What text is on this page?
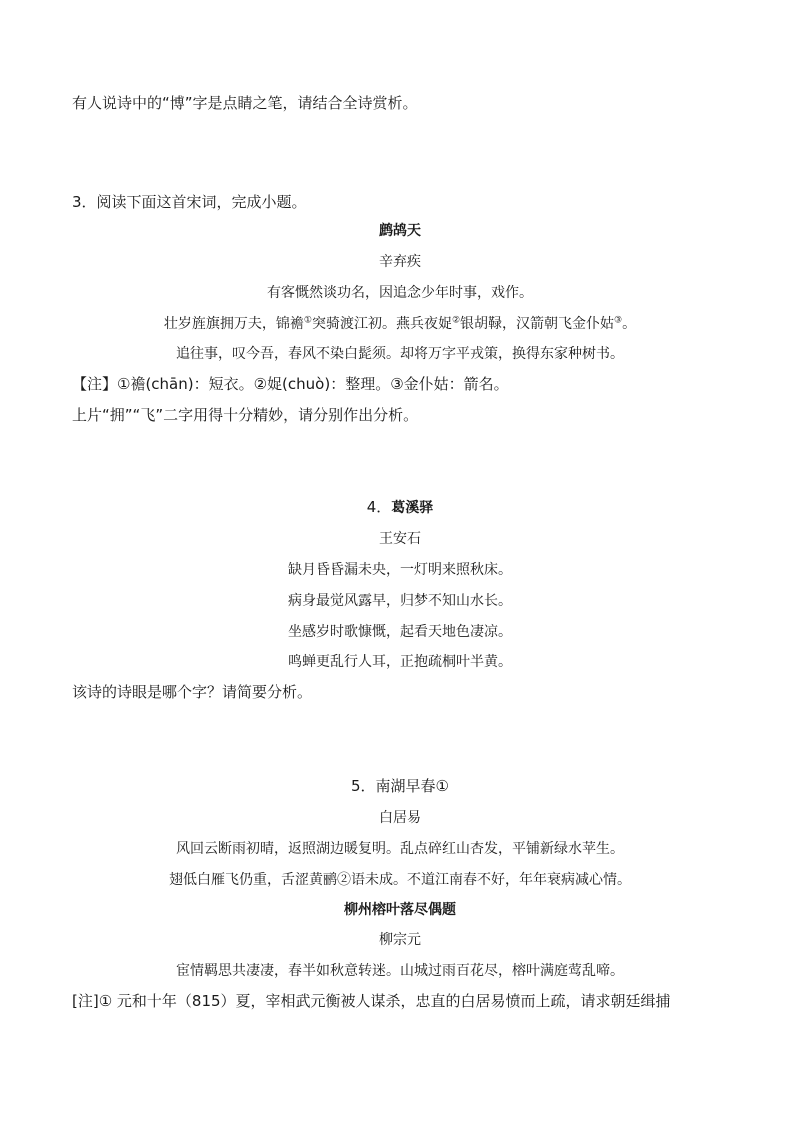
有人说诗中的“博”字是点睛之笔，请结合全诗赏析。
3．阅读下面这首宋词，完成小题。
鹧鸪天
辛弃疾
有客慨然谈功名，因追念少年时事，戏作。
壮岁旌旗拥万夫，锦襜①突骑渡江初。燕兵夜娖②银胡䩮，汉箭朝飞金仆姑③。
追往事，叹今吾，春风不染白髭须。却将万字平戎策，换得东家种树书。
【注】①襜(chān)：短衣。②娖(chuò)：整理。③金仆姑：箭名。
上片“拥”“飞”二字用得十分精妙，请分别作出分析。
4．葛溪驿
王安石
缺月昏昏漏未央，一灯明来照秋床。
病身最觉风露早，归梦不知山水长。
坐感岁时歌慷慨，起看天地色凄凉。
鸣蝉更乱行人耳，正抱疏桐叶半黄。
该诗的诗眼是哪个字？请简要分析。
5．南湖早春①
白居易
风回云断雨初晴，返照湖边暖复明。乱点碎红山杏发，平铺新绿水苹生。
翅低白雁飞仍重，舌涩黄鹂②语未成。不道江南春不好，年年衰病减心情。
柳州榕叶落尽偶题
柳宗元
宦情羁思共凄凄，春半如秋意转迷。山城过雨百花尽，榕叶满庭莺乱啼。
[注]① 元和十年（815）夏，宰相武元衡被人谋杀，忠直的白居易愤而上疏，请求朝廷缉捕
